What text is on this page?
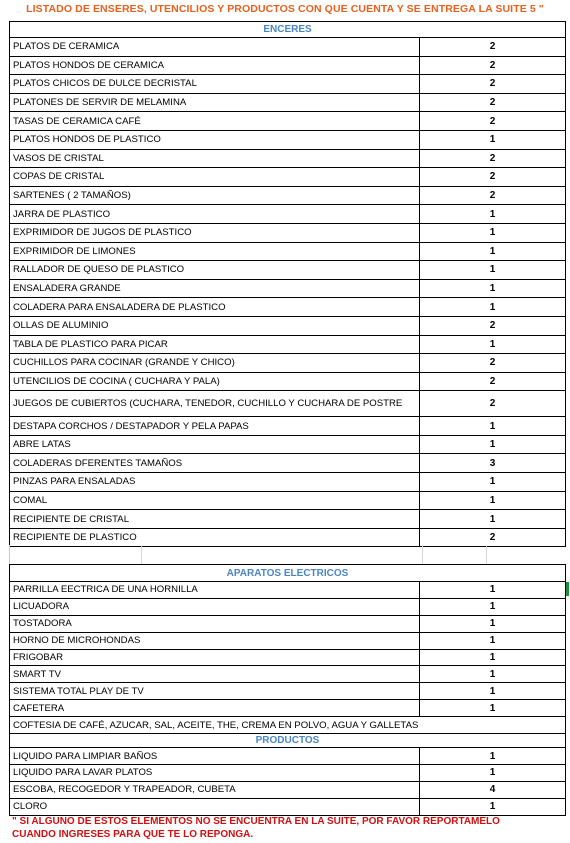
LISTADO DE ENSERES, UTENCILIOS Y PRODUCTOS CON QUE CUENTA Y SE ENTREGA LA SUITE 5 "
ENCERES	
PLATOS DE CERAMICA	2
PLATOS HONDOS DE CERAMICA	2
PLATOS CHICOS DE DULCE DECRISTAL	2
PLATONES DE SERVIR DE MELAMINA	2
TASAS DE CERAMICA CAFÉ	2
PLATOS HONDOS DE PLASTICO	1
VASOS DE CRISTAL	2
COPAS DE CRISTAL	2
SARTENES ( 2 TAMAÑOS)	2
JARRA DE PLASTICO	1
EXPRIMIDOR DE JUGOS DE PLASTICO	1
EXPRIMIDOR DE LIMONES	1
RALLADOR DE QUESO DE PLASTICO	1
ENSALADERA GRANDE	1
COLADERA PARA ENSALADERA DE PLASTICO	1
OLLAS DE ALUMINIO	2
TABLA DE PLASTICO PARA PICAR	1
CUCHILLOS PARA COCINAR (GRANDE Y CHICO)	2
UTENCILIOS DE COCINA ( CUCHARA Y PALA)	2
JUEGOS DE CUBIERTOS (CUCHARA, TENEDOR, CUCHILLO Y CUCHARA DE POSTRE	2
DESTAPA CORCHOS / DESTAPADOR Y PELA PAPAS	1
ABRE LATAS	1
COLADERAS DFERENTES TAMAÑOS	3
PINZAS PARA ENSALADAS	1
COMAL	1
RECIPIENTE DE CRISTAL	1
RECIPIENTE DE PLASTICO	2
APARATOS ELECTRICOS	
PARRILLA EECTRICA DE UNA HORNILLA	1
LICUADORA	1
TOSTADORA	1
HORNO DE MICROHONDAS	1
FRIGOBAR	1
SMART TV	1
SISTEMA TOTAL PLAY DE TV	1
CAFETERA	1
COFTESIA DE CAFÉ, AZUCAR, SAL, ACEITE, THE, CREMA EN POLVO, AGUA Y GALLETAS	
PRODUCTOS	
LIQUIDO PARA LIMPIAR BAÑOS	1
LIQUIDO PARA LAVAR PLATOS	1
ESCOBA, RECOGEDOR Y TRAPEADOR, CUBETA	4
CLORO	1
" SI ALGUNO DE ESTOS ELEMENTOS NO SE ENCUENTRA EN LA SUITE, POR FAVOR REPORTAMELO
CUANDO INGRESES PARA QUE TE LO REPONGA.
